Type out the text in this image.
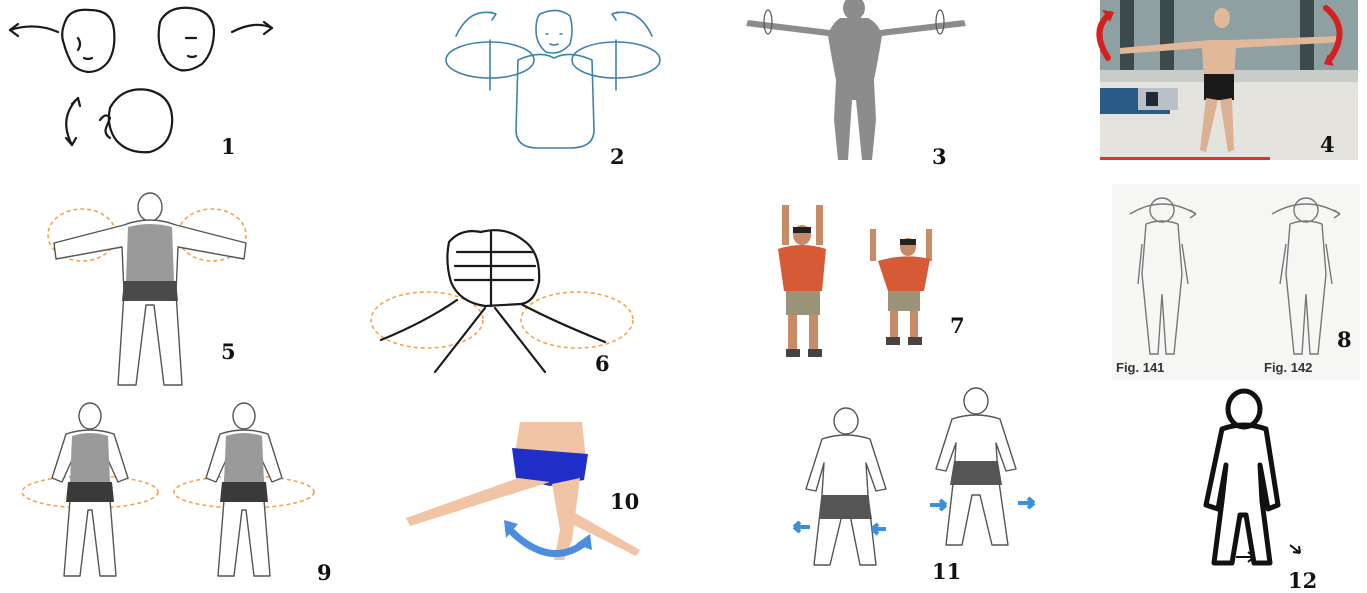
1	2	3	4
5	6
7
Fig. 141	Fig. 142
8
9
10
11	12
